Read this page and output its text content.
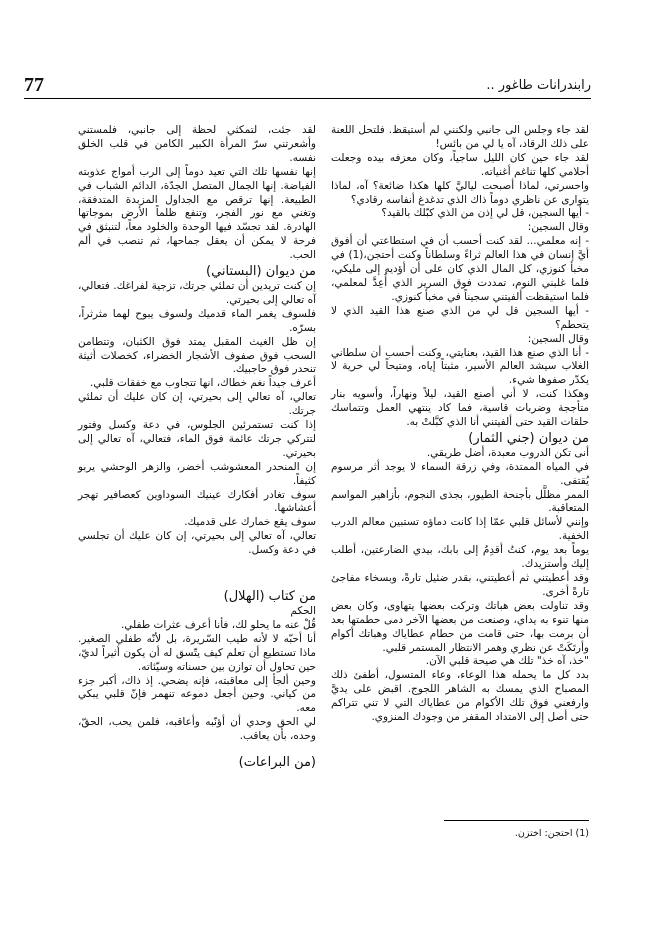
77	رابندرانات طاغور ..

لقد جاء وجلس الى جانبي ولكنني لم أستيقظ. فلتحل اللعنة على ذلك الرقاد، آه يا لي من بائس!

لقد جاء حين كان الليل ساجياً، وكان معزفه بيده وجعلت أحلامي كلها تناغم أغنياته.

واحسرتي، لماذا أصبحت لياليَّ كلها هكذا ضائعة؟ آه، لماذا يتوارى عن ناظري دوماً ذاك الذي تدغدغ أنفاسه رقادي؟

- أيها السجين، قل لي إذن من الذي كبّلك بالقيد؟

وقال السجين:

- إنه معلمي... لقد كنت أحسب أن في استطاعتي أن أفوق أيَّ إنسان في هذا العالم ثراءً وسلطاناً وكنت أحتجن،(1) في مخبأ كنوزي، كل المال الذي كان على أن أؤديه إلى مليكي، فلما غلبني النوم، تمددت فوق السرير الذي أُعِدَّ لمعلمي، فلما استيقظت ألفيتني سجيناً في مخبأ كنوزي.

- أيها السجين قل لي من الذي صنع هذا القيد الذي لا يتحطم؟

وقال السجين:

- أنا الذي صنع هذا القيد، بعنايتي، وكنت أحسب أن سلطاني الغلاب سيشد العالم الأسير، مثبتاً إياه، ومتيحاً لي حرية لا يكدّر صفوها شيء.

وهكذا كنت، لا أني أصنع القيد، ليلاً ونهاراً، وأسويه بنار متأججة وضربات قاسية، فما كاد ينتهي العمل وتتماسك حلقات القيد حتى ألفيتني أنا الذي كبَّلتْ به.

من ديوان (جني الثمار)

أنى تكن الدروب معبدة، أضل طريقي.

في المياه الممتدة، وفي زرقة السماء لا يوجد أثر مرسوم يُقتفى.

الممر مظلَّل بأجنحة الطيور، بجذى النجوم، بأزاهير المواسم المتعاقبة.

وإنني لأسائل قلبي عمّا إذا كانت دماؤه تستبين معالم الدرب الخفية.

يوماً بعد يوم، كنتُ أقدِمُ إلى بابك، بيدي الضارعتين، أطلب إليك وأستزيدك.

وقد أعطيتني ثم أعطيتني، بقدر ضئيل تارةً، وبسخاء مفاجئ تارةً أخرى.

وقد تناولت بعض هباتك وتركت بعضها يتهاوى، وكان بعض منها تنوء به يداي، وصنعت من بعضها الآخر دمى حطمتها بعد أن برمت بها، حتى قامت من حطام عطاياك وهباتك أكوام وأرتَكَتْ عن نظري وهمر الانتظار المستمر قلبي.

"خذ، آه خذ" تلك هي صيحة قلبي الآن.

بدد كل ما يحمله هذا الوعاء، وعاء المتسول، أطفئ ذلك المصباح الذي يمسك به الشاهر اللجوج. اقبض على يديَّ وارفعني فوق تلك الأكوام من عطاياك التي لا تني تتراكم حتى أصل إلى الامتداد المقفر من وجودك المنزوي.

لقد جئت، لتمكثي لحظة إلى جانبي، فلمستني وأشعرتني سرّ المرأة الكبير الكامن في قلب الخلق نفسه.

إنها نفسها تلك التي تعيد دوماً إلى الرب أمواج عذوبته الفياضة. إنها الجمال المتصل الجدّة، الدائم الشباب في الطبيعة. إنها ترقص مع الجداول المزبدة المتدفقة، وتغني مع نور الفجر، وتنفع ظلماً الأرض بموجاتها الهادرة. لقد تجسّد فيها الوحدة والخلود معاً، لتنبثق في فرحة لا يمكن أن يعقل جماحها، ثم تنصب في ألم الحب.

من ديوان (البستاني)

إن كنت تريدين أن تملئي جرتك، تزجية لفراغك. فتعالي، آه تعالي إلى بحيرتي.

فلسوف يغمر الماء قدميك ولسوف يبوح لهما مثرثراً، بسرّه.

إن ظل الغيث المقبل يمتد فوق الكثبان، وتتطامن السحب فوق صفوف الأشجار الخضراء، كخصلات أثيثة تنحدر فوق حاجبيك.

أعرف جيداً نغم خطاك، انها تتجاوب مع خفقات قلبي.

تعالي، آه تعالي إلى بحيرتي، إن كان عليك أن تملئي جرتك.

إذا كنت تستمرئين الجلوس، في دعة وكسل وفتور لتتركي جرتك عائمة فوق الماء، فتعالي، آه تعالي إلى بحيرتي.

إن المنحدر المعشوشب أخضر، والزهر الوحشي يربو كثيفاً.

سوف تغادر أفكارك عينيك السوداوين كعصافير تهجر أعشاشها.

سوف يقع خمارك على قدميك.

تعالي، آه تعالي إلى بحيرتي، إن كان عليك أن تجلسي في دعة وكسل.

من كتاب (الهلال)

الحكم

قُلْ عنه ما يحلو لك، فأنا أعرف عثرات طفلي.

أنا أحبّه لا لأنه طيب السّريرة، بل لأنّه طفلي الصغير. ماذا تستطيع أن تعلم كيف يتّسق له أن يكون أثيراً لديّ، حين تحاول أن توازن بين حسناته وسيّئاته.

وحين ألجأ إلى معاقبته، فإنه يضحي. إذ ذاك، أكبر جزء من كياني. وحين أجعل دموعه تنهمر فإنّ قلبي يبكي معه.

لي الحق وحدي أن أؤنّبه وأعاقبه، فلمن يحب، الحقّ، وحده، بأن يعاقب.

(من البراعات)

(1) احتجن: اختزن.
